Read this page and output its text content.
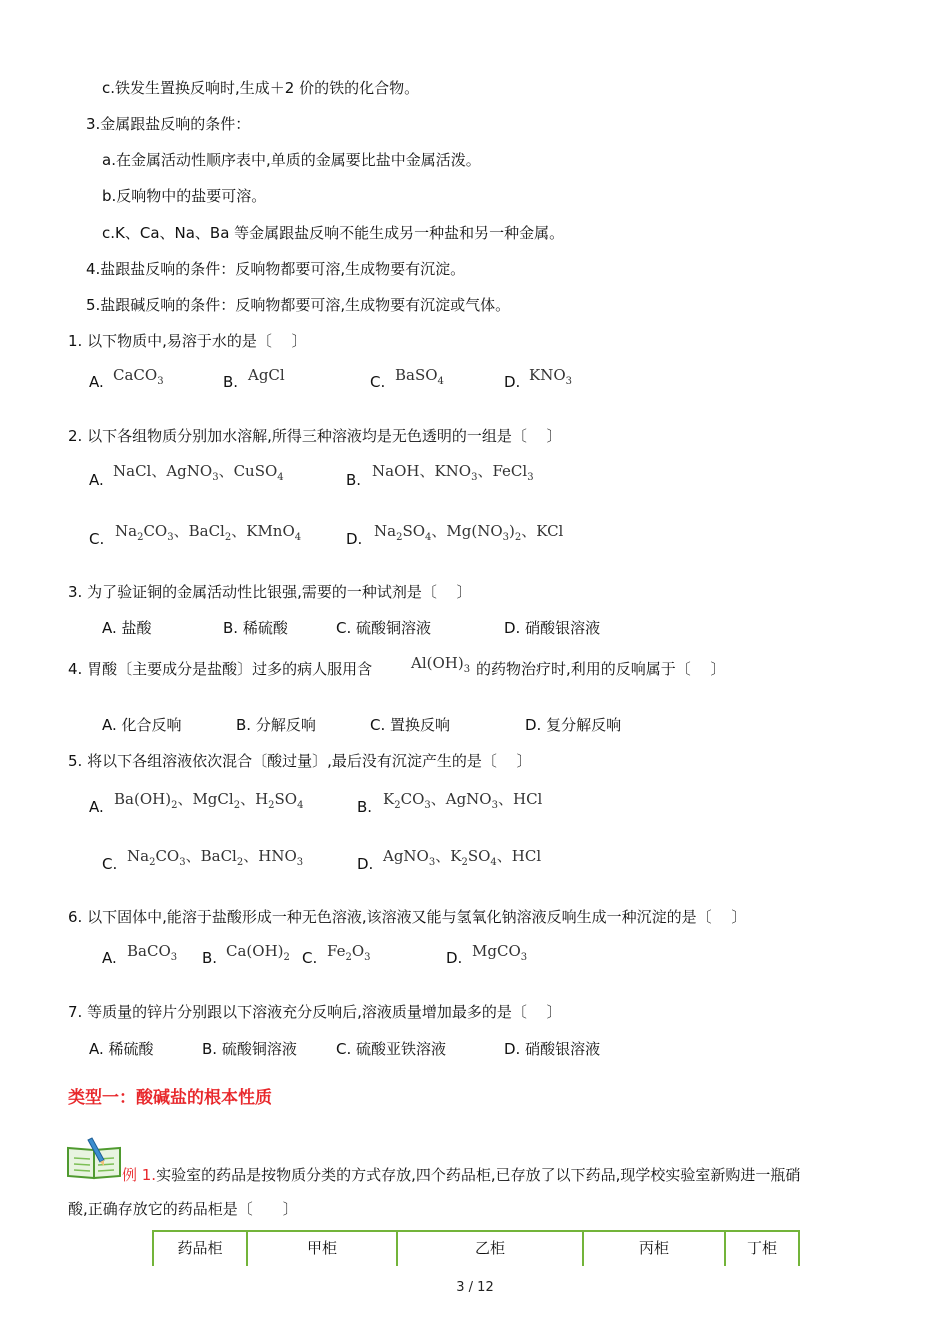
c.铁发生置换反响时,生成＋2 价的铁的化合物。
3.金属跟盐反响的条件：
a.在金属活动性顺序表中,单质的金属要比盐中金属活泼。
b.反响物中的盐要可溶。
c.K、Ca、Na、Ba 等金属跟盐反响不能生成另一种盐和另一种金属。
4.盐跟盐反响的条件：反响物都要可溶,生成物要有沉淀。
5.盐跟碱反响的条件：反响物都要可溶,生成物要有沉淀或气体。
1. 以下物质中,易溶于水的是〔　 〕
A. CaCO$_3$	B. AgCl	C. BaSO$_4$	D. $KNO_3$
2. 以下各组物质分别加水溶解,所得三种溶液均是无色透明的一组是〔　 〕
A. NaCl、AgNO$_3$、CuSO$_4$	B. NaOH、$KNO_3$、FeCl$_3$
C. $Na_2CO_3$、BaCl$_2$、KMnO$_4$	D. $Na_2SO_4$、$Mg(NO_3)_2$、KCl
3. 为了验证铜的金属活动性比银强,需要的一种试剂是〔　 〕
A. 盐酸	B. 稀硫酸	C. 硫酸铜溶液	D. 硝酸银溶液
4. 胃酸〔主要成分是盐酸〕过多的病人服用含	$Al(OH)_3$ 的药物治疗时,利用的反响属于〔　 〕
A. 化合反响	B. 分解反响	C. 置换反响	D. 复分解反响
5. 将以下各组溶液依次混合〔酸过量〕,最后没有沉淀产生的是〔　 〕
A. $Ba(OH)_2$、MgCl$_2$、$H_2SO_4$	B. $K_2CO_3$、AgNO$_3$、HCl
C. $Na_2CO_3$、BaCl$_2$、$HNO_3$	D. AgNO$_3$、$K_2SO_4$、HCl
6. 以下固体中,能溶于盐酸形成一种无色溶液,该溶液又能与氢氧化钠溶液反响生成一种沉淀的是〔　 〕
A. BaCO$_3$ B. $Ca(OH)_2$ C. $Fe_2O_3$	D. MgCO$_3$
7. 等质量的锌片分别跟以下溶液充分反响后,溶液质量增加最多的是〔　 〕
A. 稀硫酸	B. 硫酸铜溶液	C. 硫酸亚铁溶液	D. 硝酸银溶液
类型一：酸碱盐的根本性质
例 1.实验室的药品是按物质分类的方式存放,四个药品柜,已存放了以下药品,现学校实验室新购进一瓶硝
酸,正确存放它的药品柜是〔　　〕
药品柜	甲柜	乙柜	丙柜	丁柜
3 / 12
